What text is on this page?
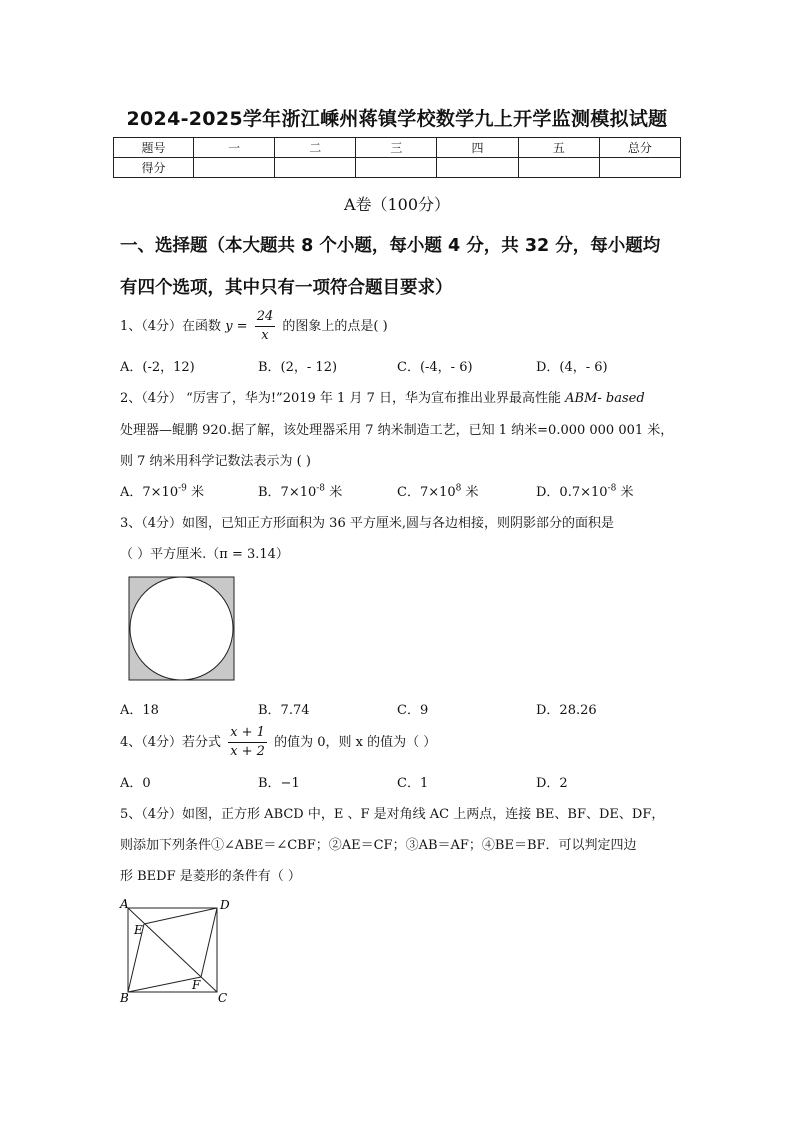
2024-2025学年浙江嵊州蒋镇学校数学九上开学监测模拟试题
题号	一	二	三	四	五	总分
得分						
A卷（100分）
一、选择题（本大题共 8 个小题，每小题 4 分，共 32 分，每小题均
有四个选项，其中只有一项符合题目要求）
1、（4分）在函数 $y = \frac{24}{x}$ 的图象上的点是( )
A．(-2，12)	B．(2，- 12)	C．(-4，- 6)	D．(4，- 6)
2、（4分） “厉害了，华为!”2019 年 1 月 7 日，华为宣布推出业界最高性能 ABM- based
处理器—鲲鹏 920.据了解，该处理器采用 7 纳米制造工艺，已知 1 纳米=0.000 000 001 米，
则 7 纳米用科学记数法表示为 ( )
A．$7\times 10^{-9}$ 米	B．$7\times 10^{-8}$ 米	C．$7\times 10^8$ 米	D．$0.7\times 10^{-8}$ 米
3、（4分）如图，已知正方形面积为 36 平方厘米,圆与各边相接，则阴影部分的面积是
（ ）平方厘米.（π = 3.14）
A．18	B．7.74	C．9	D．28.26
4、（4分）若分式 $\frac{x + 1}{x + 2}$ 的值为 0，则 x 的值为（ ）
A．0	B．−1	C．1	D．2
5、（4分）如图，正方形 ABCD 中，E 、F 是对角线 AC 上两点，连接 BE、BF、DE、DF，
则添加下列条件①∠ABE＝∠CBF；②AE＝CF；③AB＝AF；④BE＝BF．可以判定四边
形 BEDF 是菱形的条件有（ ）
A	D
B	C
E
F
